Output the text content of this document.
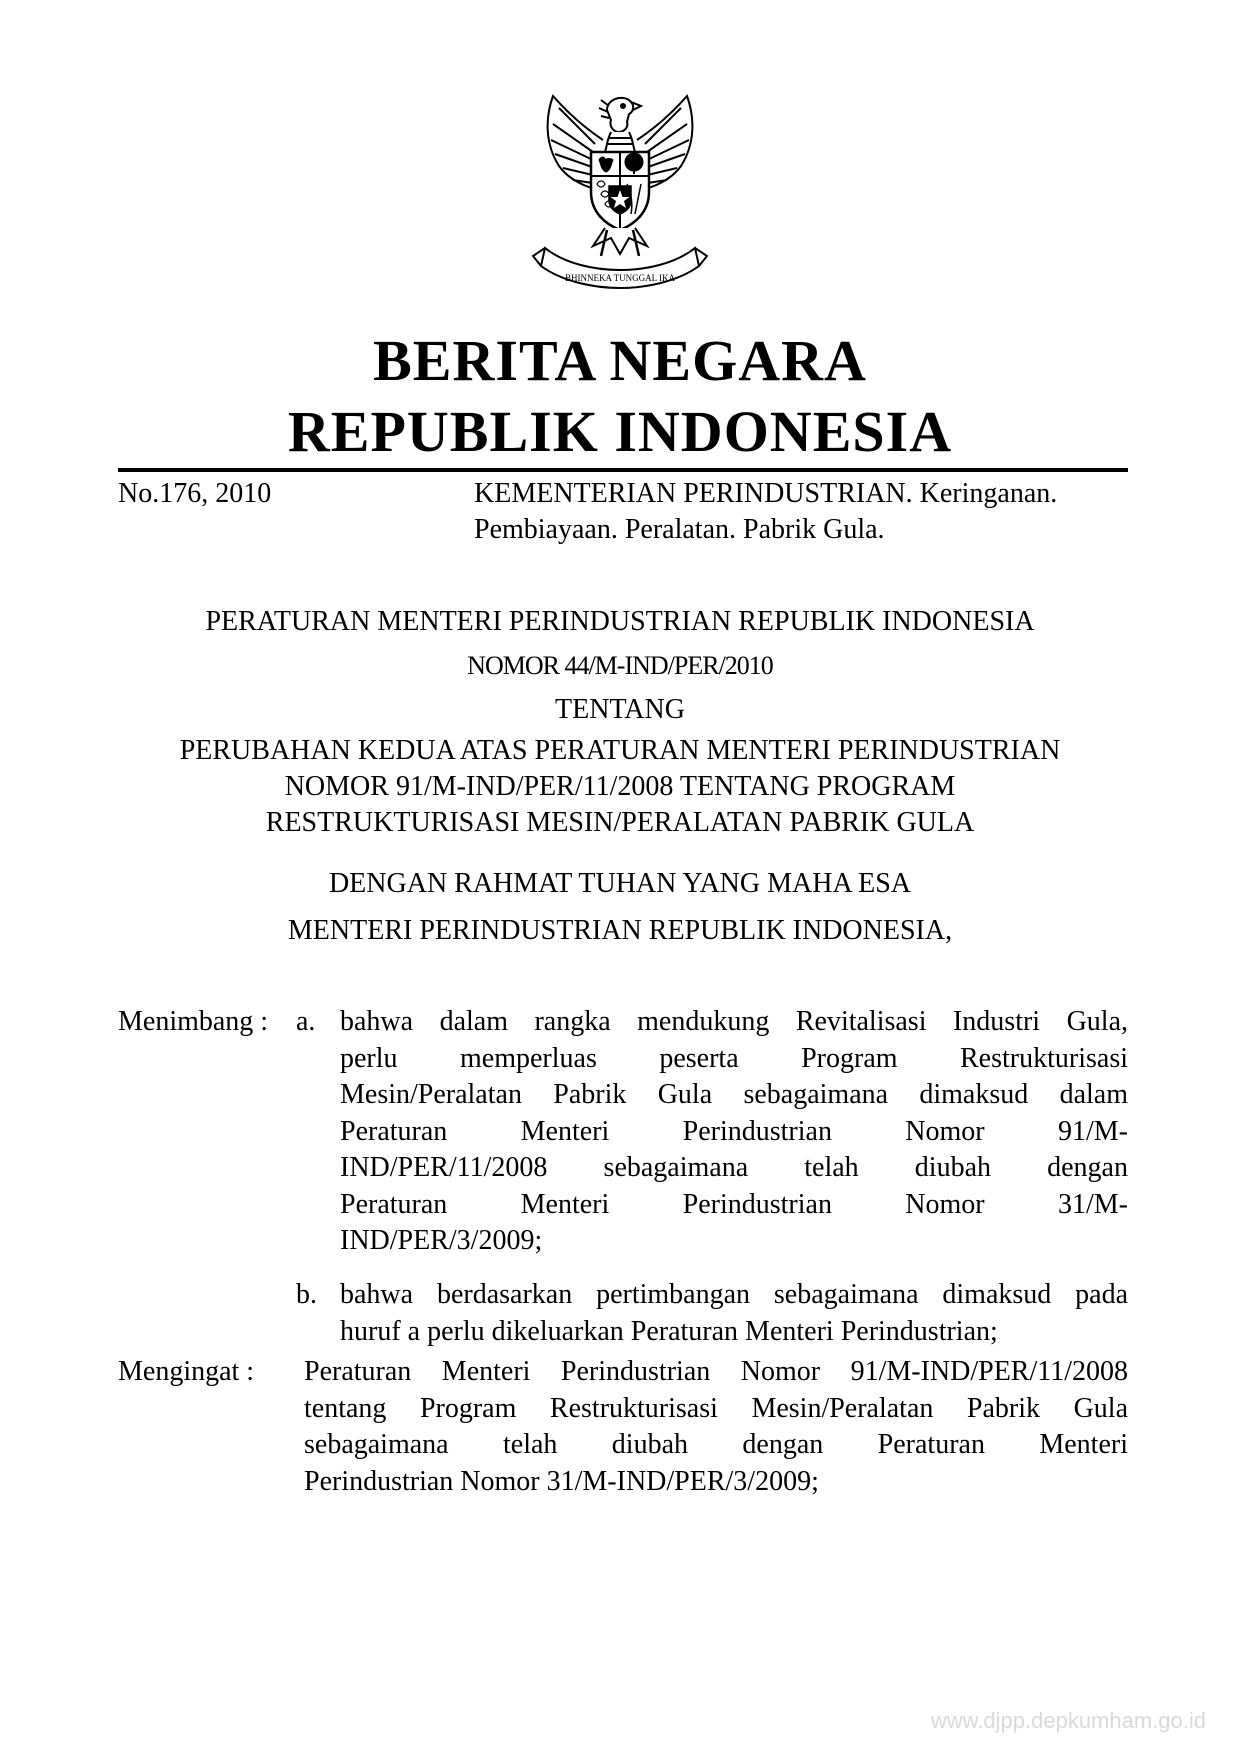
BHINNEKA TUNGGAL IKA
BERITA NEGARA
REPUBLIK INDONESIA
No.176, 2010	KEMENTERIAN PERINDUSTRIAN. Keringanan.
Pembiayaan. Peralatan. Pabrik Gula.
PERATURAN MENTERI PERINDUSTRIAN REPUBLIK INDONESIA
NOMOR 44/M-IND/PER/2010
TENTANG
PERUBAHAN KEDUA ATAS PERATURAN MENTERI PERINDUSTRIAN
NOMOR 91/M-IND/PER/11/2008 TENTANG PROGRAM
RESTRUKTURISASI MESIN/PERALATAN PABRIK GULA
DENGAN RAHMAT TUHAN YANG MAHA ESA
MENTERI PERINDUSTRIAN REPUBLIK INDONESIA,
Menimbang : a. bahwa dalam rangka mendukung Revitalisasi Industri Gula,
perlu memperluas peserta Program Restrukturisasi
Mesin/Peralatan Pabrik Gula sebagaimana dimaksud dalam
Peraturan Menteri Perindustrian Nomor 91/M-
IND/PER/11/2008 sebagaimana telah diubah dengan
Peraturan Menteri Perindustrian Nomor 31/M-
IND/PER/3/2009;
b. bahwa berdasarkan pertimbangan sebagaimana dimaksud pada
huruf a perlu dikeluarkan Peraturan Menteri Perindustrian;
Mengingat : Peraturan Menteri Perindustrian Nomor 91/M-IND/PER/11/2008
tentang Program Restrukturisasi Mesin/Peralatan Pabrik Gula
sebagaimana telah diubah dengan Peraturan Menteri
Perindustrian Nomor 31/M-IND/PER/3/2009;
www.djpp.depkumham.go.id
